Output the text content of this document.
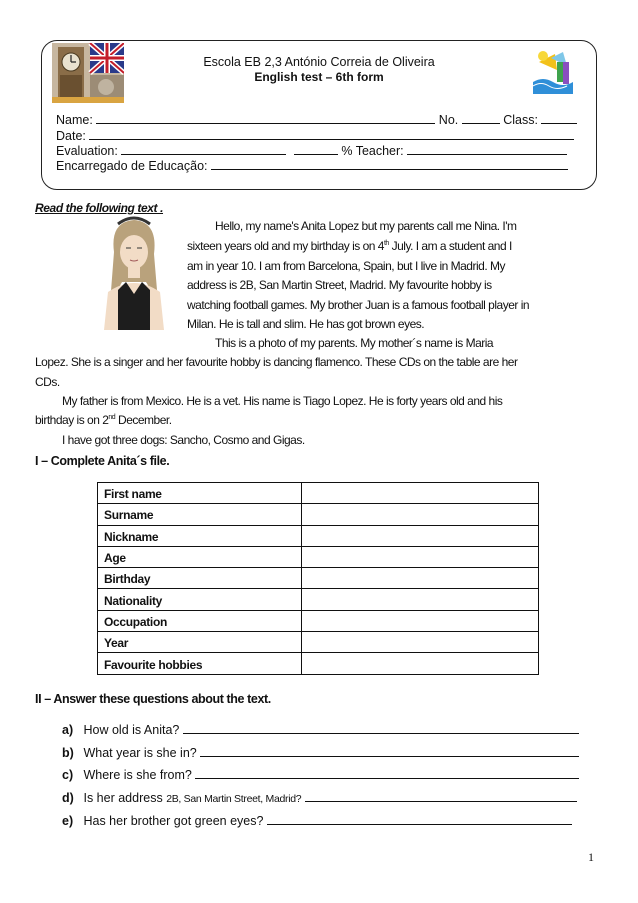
Escola EB 2,3 António Correia de Oliveira
English test – 6th form
Name:	No.	Class:
Date:
Evaluation:	% Teacher:
Encarregado de Educação:
Read the following text .
Hello, my name's Anita Lopez but my parents call me Nina. I'm
sixteen years old and my birthday is on 4th July. I am a student and I
am in year 10. I am from Barcelona, Spain, but I live in Madrid. My
address is 2B, San Martin Street, Madrid. My favourite hobby is
watching football games. My brother Juan is a famous football player in
Milan. He is tall and slim. He has got brown eyes.
This is a photo of my parents. My mother´s name is Maria
Lopez. She is a singer and her favourite hobby is dancing flamenco. These CDs on the table are her
CDs.
My father is from Mexico. He is a vet. His name is Tiago Lopez. He is forty years old and his
birthday is on 2nd December.
I have got three dogs: Sancho, Cosmo and Gigas.
I – Complete Anita´s file.
First name	
Surname	
Nickname	
Age	
Birthday	
Nationality	
Occupation	
Year	
Favourite hobbies	
II – Answer these questions about the text.
a) How old is Anita?
b) What year is she in?
c) Where is she from?
d) Is her address 2B, San Martin Street, Madrid?
e) Has her brother got green eyes?
1
